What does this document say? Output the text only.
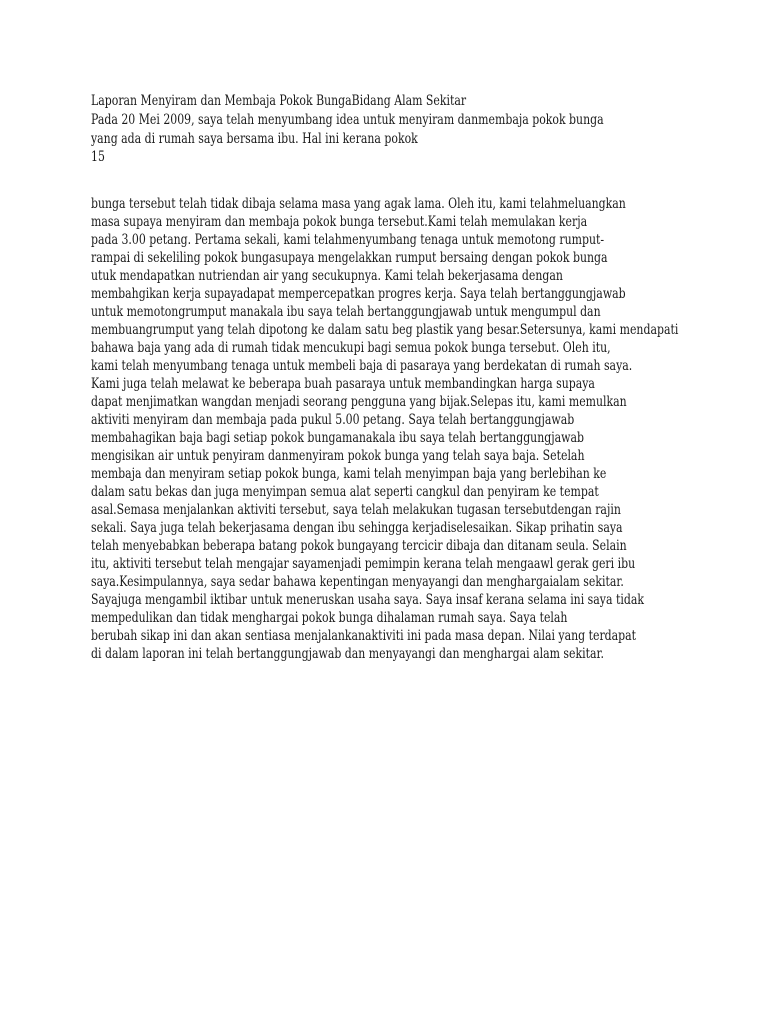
Laporan Menyiram dan Membaja Pokok BungaBidang Alam Sekitar
Pada 20 Mei 2009, saya telah menyumbang idea untuk menyiram danmembaja pokok bunga
yang ada di rumah saya bersama ibu. Hal ini kerana pokok
15
bunga tersebut telah tidak dibaja selama masa yang agak lama. Oleh itu, kami telahmeluangkan
masa supaya menyiram dan membaja pokok bunga tersebut.Kami telah memulakan kerja
pada 3.00 petang. Pertama sekali, kami telahmenyumbang tenaga untuk memotong rumput-
rampai di sekeliling pokok bungasupaya mengelakkan rumput bersaing dengan pokok bunga
utuk mendapatkan nutriendan air yang secukupnya. Kami telah bekerjasama dengan
membahgikan kerja supayadapat mempercepatkan progres kerja. Saya telah bertanggungjawab
untuk memotongrumput manakala ibu saya telah bertanggungjawab untuk mengumpul dan
membuangrumput yang telah dipotong ke dalam satu beg plastik yang besar.Setersunya, kami mendapati
bahawa baja yang ada di rumah tidak mencukupi bagi semua pokok bunga tersebut. Oleh itu,
kami telah menyumbang tenaga untuk membeli baja di pasaraya yang berdekatan di rumah saya.
Kami juga telah melawat ke beberapa buah pasaraya untuk membandingkan harga supaya
dapat menjimatkan wangdan menjadi seorang pengguna yang bijak.Selepas itu, kami memulkan
aktiviti menyiram dan membaja pada pukul 5.00 petang. Saya telah bertanggungjawab
membahagikan baja bagi setiap pokok bungamanakala ibu saya telah bertanggungjawab
mengisikan air untuk penyiram danmenyiram pokok bunga yang telah saya baja. Setelah
membaja dan menyiram setiap pokok bunga, kami telah menyimpan baja yang berlebihan ke
dalam satu bekas dan juga menyimpan semua alat seperti cangkul dan penyiram ke tempat
asal.Semasa menjalankan aktiviti tersebut, saya telah melakukan tugasan tersebutdengan rajin
sekali. Saya juga telah bekerjasama dengan ibu sehingga kerjadiselesaikan. Sikap prihatin saya
telah menyebabkan beberapa batang pokok bungayang tercicir dibaja dan ditanam seula. Selain
itu, aktiviti tersebut telah mengajar sayamenjadi pemimpin kerana telah mengaawl gerak geri ibu
saya.Kesimpulannya, saya sedar bahawa kepentingan menyayangi dan menghargaialam sekitar.
Sayajuga mengambil iktibar untuk meneruskan usaha saya. Saya insaf kerana selama ini saya tidak
mempedulikan dan tidak menghargai pokok bunga dihalaman rumah saya. Saya telah
berubah sikap ini dan akan sentiasa menjalankanaktiviti ini pada masa depan. Nilai yang terdapat
di dalam laporan ini telah bertanggungjawab dan menyayangi dan menghargai alam sekitar.
